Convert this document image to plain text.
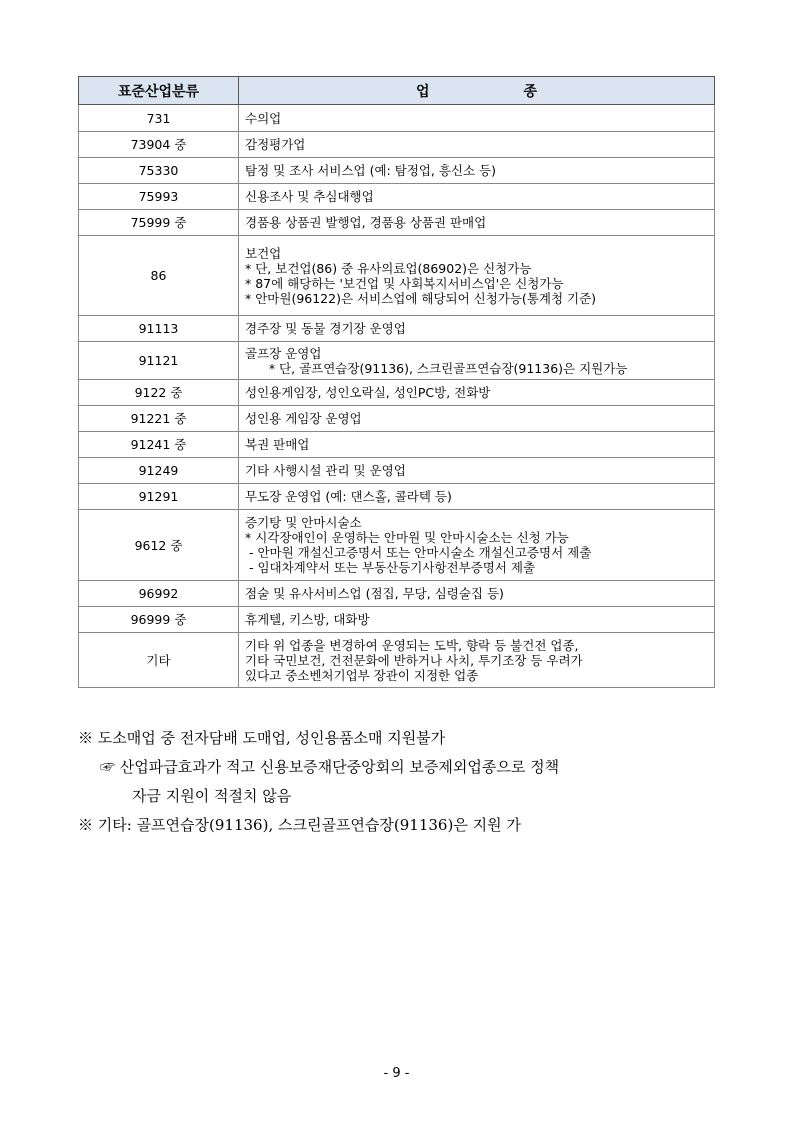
표준산업분류	업 종
731	수의업

73904 중	감정평가업

75330	탐정 및 조사 서비스업 (예: 탐정업, 흥신소 등)

75993	신용조사 및 추심대행업

75999 중	경품용 상품권 발행업, 경품용 상품권 판매업

86	보건업
* 단, 보건업(86) 중 유사의료업(86902)은 신청가능
* 87에 해당하는 '보건업 및 사회복지서비스업'은 신청가능
* 안마원(96122)은 서비스업에 해당되어 신청가능(통계청 기준)

91113	경주장 및 동물 경기장 운영업

91121	골프장 운영업
* 단, 골프연습장(91136), 스크린골프연습장(91136)은 지원가능

9122 중	성인용게임장, 성인오락실, 성인PC방, 전화방

91221 중	성인용 게임장 운영업

91241 중	복권 판매업

91249	기타 사행시설 관리 및 운영업

91291	무도장 운영업 (예: 댄스홀, 콜라텍 등)

9612 중	증기탕 및 안마시술소
* 시각장애인이 운영하는 안마원 및 안마시술소는 신청 가능
- 안마원 개설신고증명서 또는 안마시술소 개설신고증명서 제출
- 임대차계약서 또는 부동산등기사항전부증명서 제출

96992	점술 및 유사서비스업 (점집, 무당, 심령술집 등)

96999 중	휴게텔, 키스방, 대화방

기타	기타 위 업종을 변경하여 운영되는 도박, 향락 등 불건전 업종,
기타 국민보건, 건전문화에 반하거나 사치, 투기조장 등 우려가
있다고 중소벤처기업부 장관이 지정한 업종
※ 도소매업 중 전자담배 도매업, 성인용품소매 지원불가
☞ 산업파급효과가 적고 신용보증재단중앙회의 보증제외업종으로 정책
자금 지원이 적절치 않음
※ 기타: 골프연습장(91136), 스크린골프연습장(91136)은 지원 가
- 9 -
